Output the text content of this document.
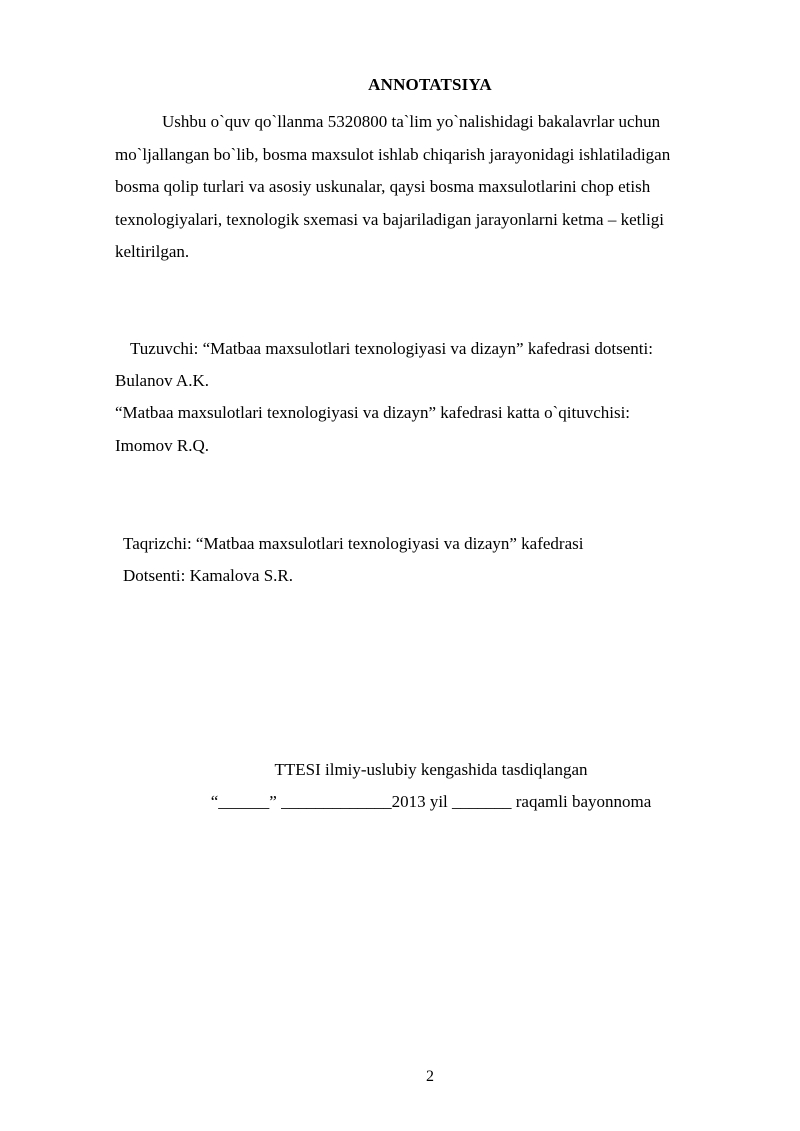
ANNOTATSIYA
Ushbu o`quv qo`llanma 5320800 ta`lim yo`nalishidagi bakalavrlar uchun
mo`ljallangan bo`lib, bosma maxsulot ishlab chiqarish jarayonidagi ishlatiladigan
bosma qolip turlari va asosiy uskunalar, qaysi bosma maxsulotlarini chop etish
texnologiyalari, texnologik sxemasi va bajariladigan jarayonlarni ketma – ketligi
keltirilgan.
Tuzuvchi: “Matbaa maxsulotlari texnologiyasi va dizayn” kafedrasi dotsenti:
Bulanov A.K.
“Matbaa maxsulotlari texnologiyasi va dizayn” kafedrasi katta o`qituvchisi:
Imomov R.Q.
Taqrizchi: “Matbaa maxsulotlari texnologiyasi va dizayn” kafedrasi
Dotsenti: Kamalova S.R.
TTESI ilmiy-uslubiy kengashida tasdiqlangan
“______” _____________2013 yil _______ raqamli bayonnoma
2
